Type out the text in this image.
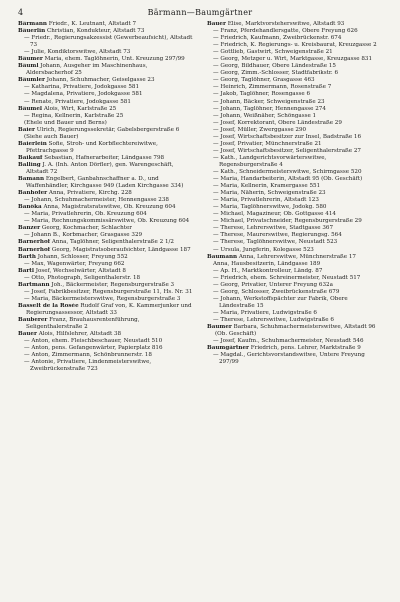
4	Bärmann—Baumgärtner

Bärmann Friedr., K. Leutnant, Altstadt 7

Bäuerlin Christian, Kondukteur, Altstadt 73

— Friedr., Regierungsakzessist (Gewerbeaufsicht), Altstadt 73

— Julie, Kondiktorswitwe, Altstadt 73

Bäumer Maria, ehem. Taglöhnerin, Unt. Kreuzung 297/99

Bäuml Johann, Ausgeher im Maschinenhaus, Aldersbacherhof 25

Bäumler Johann, Schuhmacher, Geiselgasse 23

— Katharina, Privatiere, Jodokgasse 581

— Magdalena, Privatiere, Jodokgasse 581

— Renate, Privatiere, Jodokgasse 581

Bäumel Alois, Wirt, Karlstraße 25

— Regina, Kellnerin, Karlstraße 25

(Ehele und Bauer und Berns)

Baier Ulrich, Regierungssekretär, Gabelsbergerstraße 6

(Siehe auch Bauer)

Baierlein Sofie, Stroh- und Korbflechtereiwitwe, Pfettrachgasse 9

Baikauf Sebastian, Hafnerarbeiter, Ländgasse 798

Balling J. A. (Inh. Anton Dörfler), gen. Warengeschäft, Altstadt 72

Bamann Engelbert, Ganbahnschaffner a. D., und Waffenhändler, Kirchgasse 949 (Laden Kirchgasse 334)

Banhofer Anna, Privatiere, Kirchg. 228

— Johann, Schuhmachermeister, Hennengasse 238

Banöka Anna, Magistratsratswitwe, Ob. Kreuzung 604

— Maria, Privatlehrerin, Ob. Kreuzung 604

— Maria, Rechnungskommissärswitwe, Ob. Kreuzung 604

Banzer Georg, Kochmacher, Schlachter

— Johann B., Korbmacher, Grasgasse 329

Barnerhof Anna, Taglöhner, Seligenthalerstraße 2 1/2

Barnerhof Georg, Magistratsoberaufsichter, Ländgasse 187

Barth Johann, Schlosser, Freyung 552

— Max, Wagenwärter, Freyung 662

Bartl Josef, Wechselwärter, Altstadt 8

— Otto, Photograph, Seligenthalerstr. 18

Bartmann Joh., Bäckermeister, Regensburgerstraße 3

— Josef, Fabrikbesitzer, Regensburgerstraße 11, Hs. Nr. 31

— Maria, Bäckermeisterswitwe, Regensburgerstraße 3

Basselt de la Rosée Rudolf Graf von, K. Kammerjunker und Regierungsassessor, Altstadt 33

Bauberer Franz, Brauhausrentenführung, Seligenthalerstraße 2

Bauer Alois, Hilfslehrer, Altstadt 38

— Anton, ehem. Fleischbeschauer, Neustadt 510

— Anton, pens. Gefangenwärter, Papierplatz 816

— Anton, Zimmermann, Schönbrunnerstr. 18

— Antonie, Privatiere, Lindenmeisterswitwe, Zweibrückenstraße 723

Bauer Elise, Marktvorsteherswitwe, Altstadt 93

— Franz, Pferdehandlersgatte, Obere Freyung 626

— Friedrich, Kaufmann, Zweibrückenstr. 674

— Friedrich, K. Regierungs- u. Kreisbaurat, Kreuzgasse 2

— Gottlieb, Gastwirt, Schweigenstraße 21

— Georg, Metzger u. Wirt, Marktgasse, Kreuzgasse 831

— Georg, Bildhauer, Obere Ländestraße 15

— Georg, Zimm.-Schlosser, Stadtfabrikstr. 6

— Georg, Taglöhner, Grasgasse 463

— Heinrich, Zimmermann, Rosenstraße 7

— Jakob, Taglöhner, Rosengasse 6

— Johann, Bäcker, Schweigenstraße 23

— Johann, Taglöhner, Hennengasse 274

— Johann, Weißnäher, Schöngasse 1

— Josef, Korrektorant, Obere Ländestraße 29

— Josef, Müller, Zwerggasse 290

— Josef, Wirtschaftsbesitzer zur Insel, Badstraße 16

— Josef, Privatier, Münchnerstraße 21

— Josef, Wirtschaftsbesitzer, Seligenthalerstraße 27

— Kath., Landgerichtsvorwärterswitwe, Regensburgerstraße 4

— Kath., Schneidermeisterswitwe, Schirmgasse 520

— Maria, Handarbeiterin, Altstadt 95 (Ob. Geschäft)

— Maria, Kellnerin, Kramergasse 551

— Maria, Näherin, Schweigenstraße 23

— Maria, Privatlehrerin, Altstadt 123

— Maria, Taglöhnerswitwe, Jodokg. 580

— Michael, Magazineur, Ob. Gottgasse 414

— Michael, Privatschneider, Regensburgerstraße 29

— Therese, Lehrerswitwe, Stadtgasse 367

— Therese, Maurerswitwe, Regierungsg. 564

— Therese, Taglöhnerswitwe, Neustadt 523

— Ursula, Jungferin, Kolegasse 523

Baumann Anna, Lehrerswitwe, Münchnerstraße 17

Anna, Hausbesitzerin, Ländgasse 189

— Ap. H., Marktkontrolleur, Ländg. 87

— Friedrich, ehem. Schreinermeister, Neustadt 517

— Georg, Privatier, Unterer Freyung 632a

— Georg, Schlosser, Zweibrückenstraße 679

— Johann, Werkstoffspächter zur Fabrik, Obere Ländestraße 15

— Maria, Privatiere, Ludwigstraße 6

— Therese, Lehrerswitwe, Ludwigstraße 6

Baumer Barbara, Schuhmachermeisterswitwe, Altstadt 96 (Ob. Geschäft)

— Josef, Kaufm., Schuhmachermeister, Neustadt 546

Baumgärtner Friedrich, pens. Lehrer, Marktstraße 9

— Magdal., Gerichtsvorstandswitwe, Untere Freyung 297/99
